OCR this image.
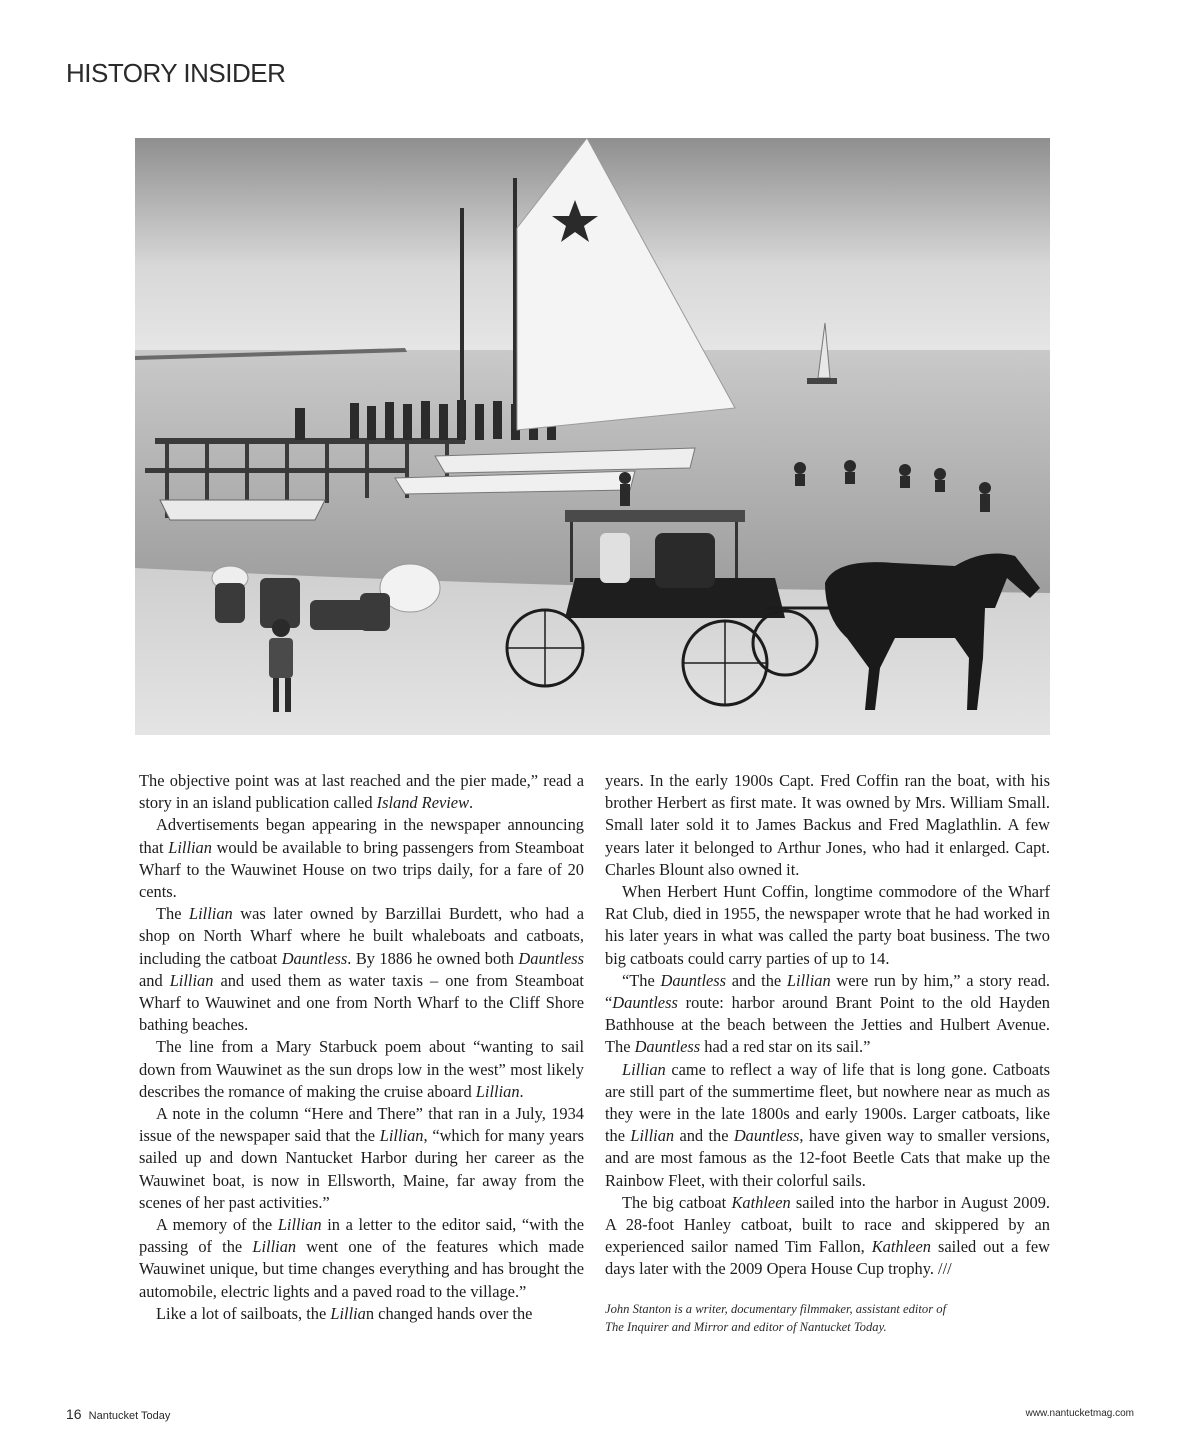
HISTORY INSIDER

The objective point was at last reached and the pier made,” read a story in an island publication called Island Review.

Advertisements began appearing in the newspaper announcing that Lillian would be available to bring passengers from Steamboat Wharf to the Wauwinet House on two trips daily, for a fare of 20 cents.

The Lillian was later owned by Barzillai Burdett, who had a shop on North Wharf where he built whaleboats and catboats, including the catboat Dauntless. By 1886 he owned both Dauntless and Lillian and used them as water taxis – one from Steamboat Wharf to Wauwinet and one from North Wharf to the Cliff Shore bathing beaches.

The line from a Mary Starbuck poem about “wanting to sail down from Wauwinet as the sun drops low in the west” most likely describes the romance of making the cruise aboard Lillian.

A note in the column “Here and There” that ran in a July, 1934 issue of the newspaper said that the Lillian, “which for many years sailed up and down Nantucket Harbor during her career as the Wauwinet boat, is now in Ellsworth, Maine, far away from the scenes of her past activities.”

A memory of the Lillian in a letter to the editor said, “with the passing of the Lillian went one of the features which made Wauwinet unique, but time changes everything and has brought the automobile, electric lights and a paved road to the village.”

Like a lot of sailboats, the Lillian changed hands over the

years. In the early 1900s Capt. Fred Coffin ran the boat, with his brother Herbert as first mate. It was owned by Mrs. William Small. Small later sold it to James Backus and Fred Maglathlin. A few years later it belonged to Arthur Jones, who had it enlarged. Capt. Charles Blount also owned it.

When Herbert Hunt Coffin, longtime commodore of the Wharf Rat Club, died in 1955, the newspaper wrote that he had worked in his later years in what was called the party boat business. The two big catboats could carry parties of up to 14.

“The Dauntless and the Lillian were run by him,” a story read. “Dauntless route: harbor around Brant Point to the old Hayden Bathhouse at the beach between the Jetties and Hulbert Avenue. The Dauntless had a red star on its sail.”

Lillian came to reflect a way of life that is long gone. Catboats are still part of the summertime fleet, but nowhere near as much as they were in the late 1800s and early 1900s. Larger catboats, like the Lillian and the Dauntless, have given way to smaller versions, and are most famous as the 12-foot Beetle Cats that make up the Rainbow Fleet, with their colorful sails.

The big catboat Kathleen sailed into the harbor in August 2009. A 28-foot Hanley catboat, built to race and skippered by an experienced sailor named Tim Fallon, Kathleen sailed out a few days later with the 2009 Opera House Cup trophy. ///

John Stanton is a writer, documentary filmmaker, assistant editor of
The Inquirer and Mirror and editor of Nantucket Today.

16 Nantucket Today	www.nantucketmag.com
